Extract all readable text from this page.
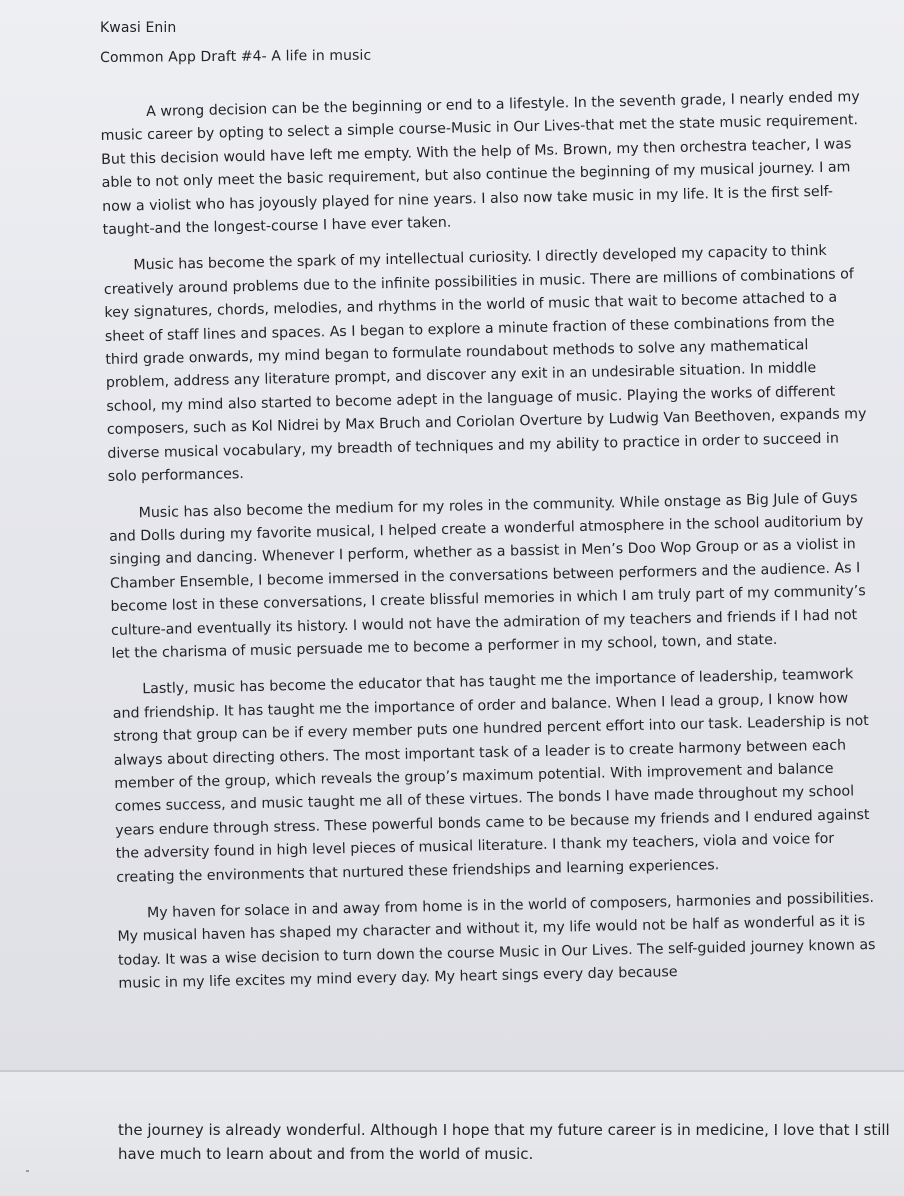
Kwasi Enin
Common App Draft #4- A life in music

A wrong decision can be the beginning or end to a lifestyle. In the seventh grade, I nearly ended my music career by opting to select a simple course-Music in Our Lives-that met the state music requirement. But this decision would have left me empty. With the help of Ms. Brown, my then orchestra teacher, I was able to not only meet the basic requirement, but also continue the beginning of my musical journey. I am now a violist who has joyously played for nine years. I also now take music in my life. It is the first self-taught-and the longest-course I have ever taken.

Music has become the spark of my intellectual curiosity. I directly developed my capacity to think creatively around problems due to the infinite possibilities in music. There are millions of combinations of key signatures, chords, melodies, and rhythms in the world of music that wait to become attached to a sheet of staff lines and spaces. As I began to explore a minute fraction of these combinations from the third grade onwards, my mind began to formulate roundabout methods to solve any mathematical problem, address any literature prompt, and discover any exit in an undesirable situation. In middle school, my mind also started to become adept in the language of music. Playing the works of different composers, such as Kol Nidrei by Max Bruch and Coriolan Overture by Ludwig Van Beethoven, expands my diverse musical vocabulary, my breadth of techniques and my ability to practice in order to succeed in solo performances.

Music has also become the medium for my roles in the community. While onstage as Big Jule of Guys and Dolls during my favorite musical, I helped create a wonderful atmosphere in the school auditorium by singing and dancing. Whenever I perform, whether as a bassist in Men’s Doo Wop Group or as a violist in Chamber Ensemble, I become immersed in the conversations between performers and the audience. As I become lost in these conversations, I create blissful memories in which I am truly part of my community’s culture-and eventually its history. I would not have the admiration of my teachers and friends if I had not let the charisma of music persuade me to become a performer in my school, town, and state.

Lastly, music has become the educator that has taught me the importance of leadership, teamwork and friendship. It has taught me the importance of order and balance. When I lead a group, I know how strong that group can be if every member puts one hundred percent effort into our task. Leadership is not always about directing others. The most important task of a leader is to create harmony between each member of the group, which reveals the group’s maximum potential. With improvement and balance comes success, and music taught me all of these virtues. The bonds I have made throughout my school years endure through stress. These powerful bonds came to be because my friends and I endured against the adversity found in high level pieces of musical literature. I thank my teachers, viola and voice for creating the environments that nurtured these friendships and learning experiences.

My haven for solace in and away from home is in the world of composers, harmonies and possibilities. My musical haven has shaped my character and without it, my life would not be half as wonderful as it is today. It was a wise decision to turn down the course Music in Our Lives. The self-guided journey known as music in my life excites my mind every day. My heart sings every day because

the journey is already wonderful. Although I hope that my future career is in medicine, I love that I still have much to learn about and from the world of music.
